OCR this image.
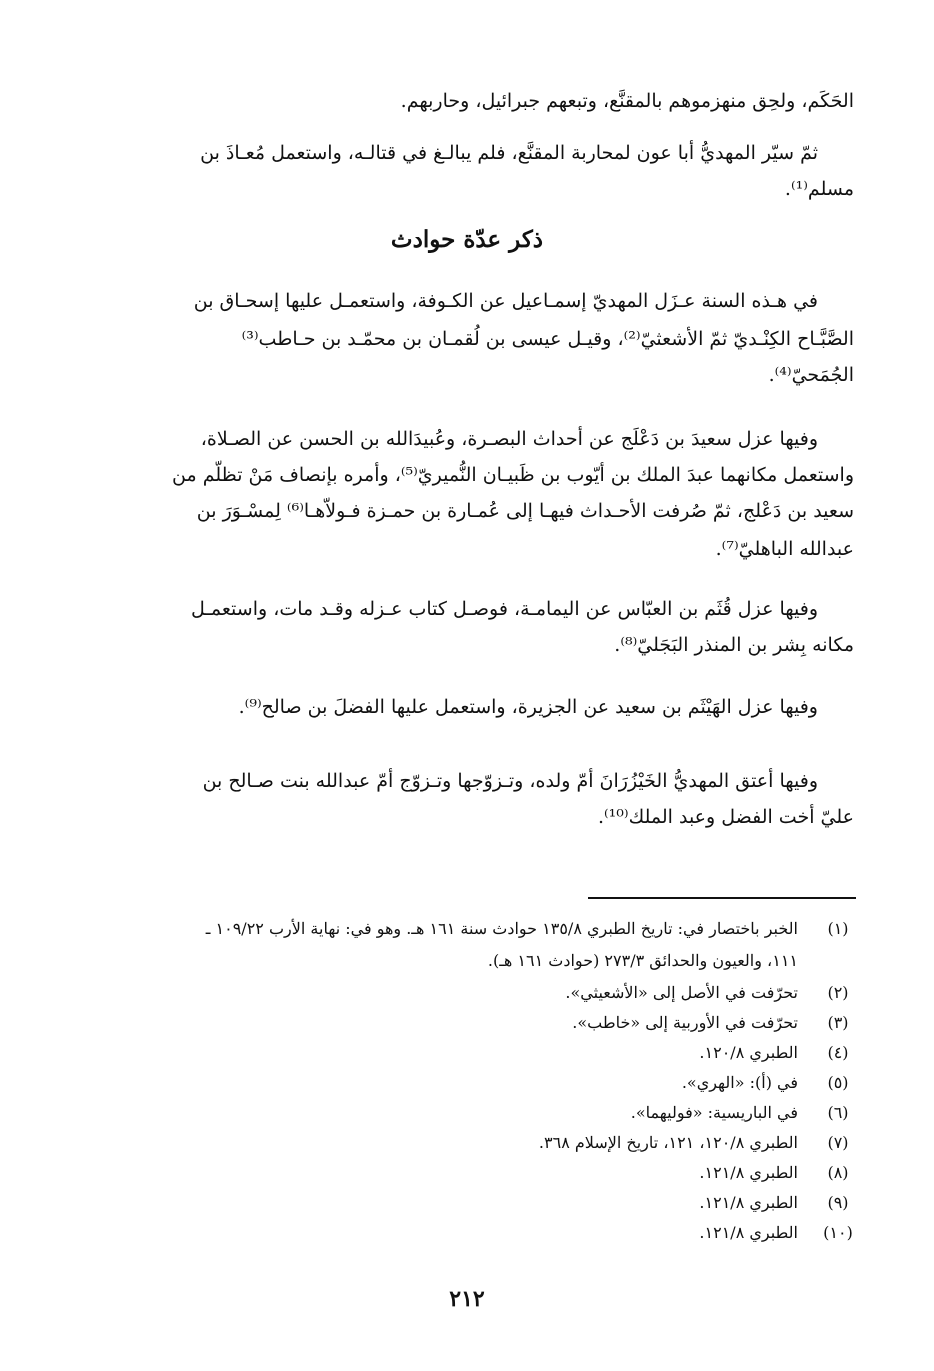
الحَكَم، ولحِق منهزموهم بالمقنَّع، وتبعهم جبرائيل، وحاربهم.
ثمّ سيّر المهديُّ أبا عون لمحاربة المقنَّع، فلم يبالـغ في قتالـه، واستعمل مُعـاذَ بن
مسلم⁽¹⁾.
ذكر عدّة حوادث
في هـذه السنة عـزَل المهديّ إسمـاعيل عن الكـوفة، واستعمـل عليها إسحـاق بن
الصَّبَّـاح الكِنْـديّ ثمّ الأشعثيّ⁽²⁾، وقيـل عيسى بن لُقمـان بن محمّـد بن حـاطب⁽³⁾
الجُمَحيّ⁽⁴⁾.
وفيها عزل سعيدَ بن دَعْلَج عن أحداث البصـرة، وعُبيدَالله بن الحسن عن الصـلاة،
واستعمل مكانهما عبدَ الملك بن أيّوب بن ظَبيـان النُّميريّ⁽⁵⁾، وأمره بإنصاف مَنْ تظلّم من
سعيد بن دَعْلج، ثمّ صُرفت الأحـداث فيهـا إلى عُمـارة بن حمـزة فـولاّهـا⁽⁶⁾ لِمسْـوَرَ بن
عبدالله الباهليّ⁽⁷⁾.
وفيها عزل قُثَم بن العبّاس عن اليمامـة، فوصـل كتاب عـزله وقـد مات، واستعمـل
مكانه بِشر بن المنذر البَجَليّ⁽⁸⁾.
وفيها عزل الهَيْثَم بن سعيد عن الجزيرة، واستعمل عليها الفضلَ بن صالح⁽⁹⁾.
وفيها أعتق المهديُّ الخَيْزُرَانَ أمّ ولده، وتـزوّجها وتـزوّج أمّ عبدالله بنت صـالح بن
عليّ أخت الفضل وعبد الملك⁽¹⁰⁾.
(١)
الخبر باختصار في: تاريخ الطبري ١٣٥/٨ حوادث سنة ١٦١ هـ. وهو في: نهاية الأرب ١٠٩/٢٢ ـ
١١١، والعيون والحدائق ٢٧٣/٣ (حوادث ١٦١ هـ).
(٢)
تحرّفت في الأصل إلى «الأشعيثي».
(٣)
تحرّفت في الأوربية إلى «خاطب».
(٤)
الطبري ١٢٠/٨.
(٥)
في (أ): «الهري».
(٦)
في الباريسية: «فوليهما».
(٧)
الطبري ١٢٠/٨، ١٢١، تاريخ الإسلام ٣٦٨.
(٨)
الطبري ١٢١/٨.
(٩)
الطبري ١٢١/٨.
(١٠)
الطبري ١٢١/٨.
٢١٢
